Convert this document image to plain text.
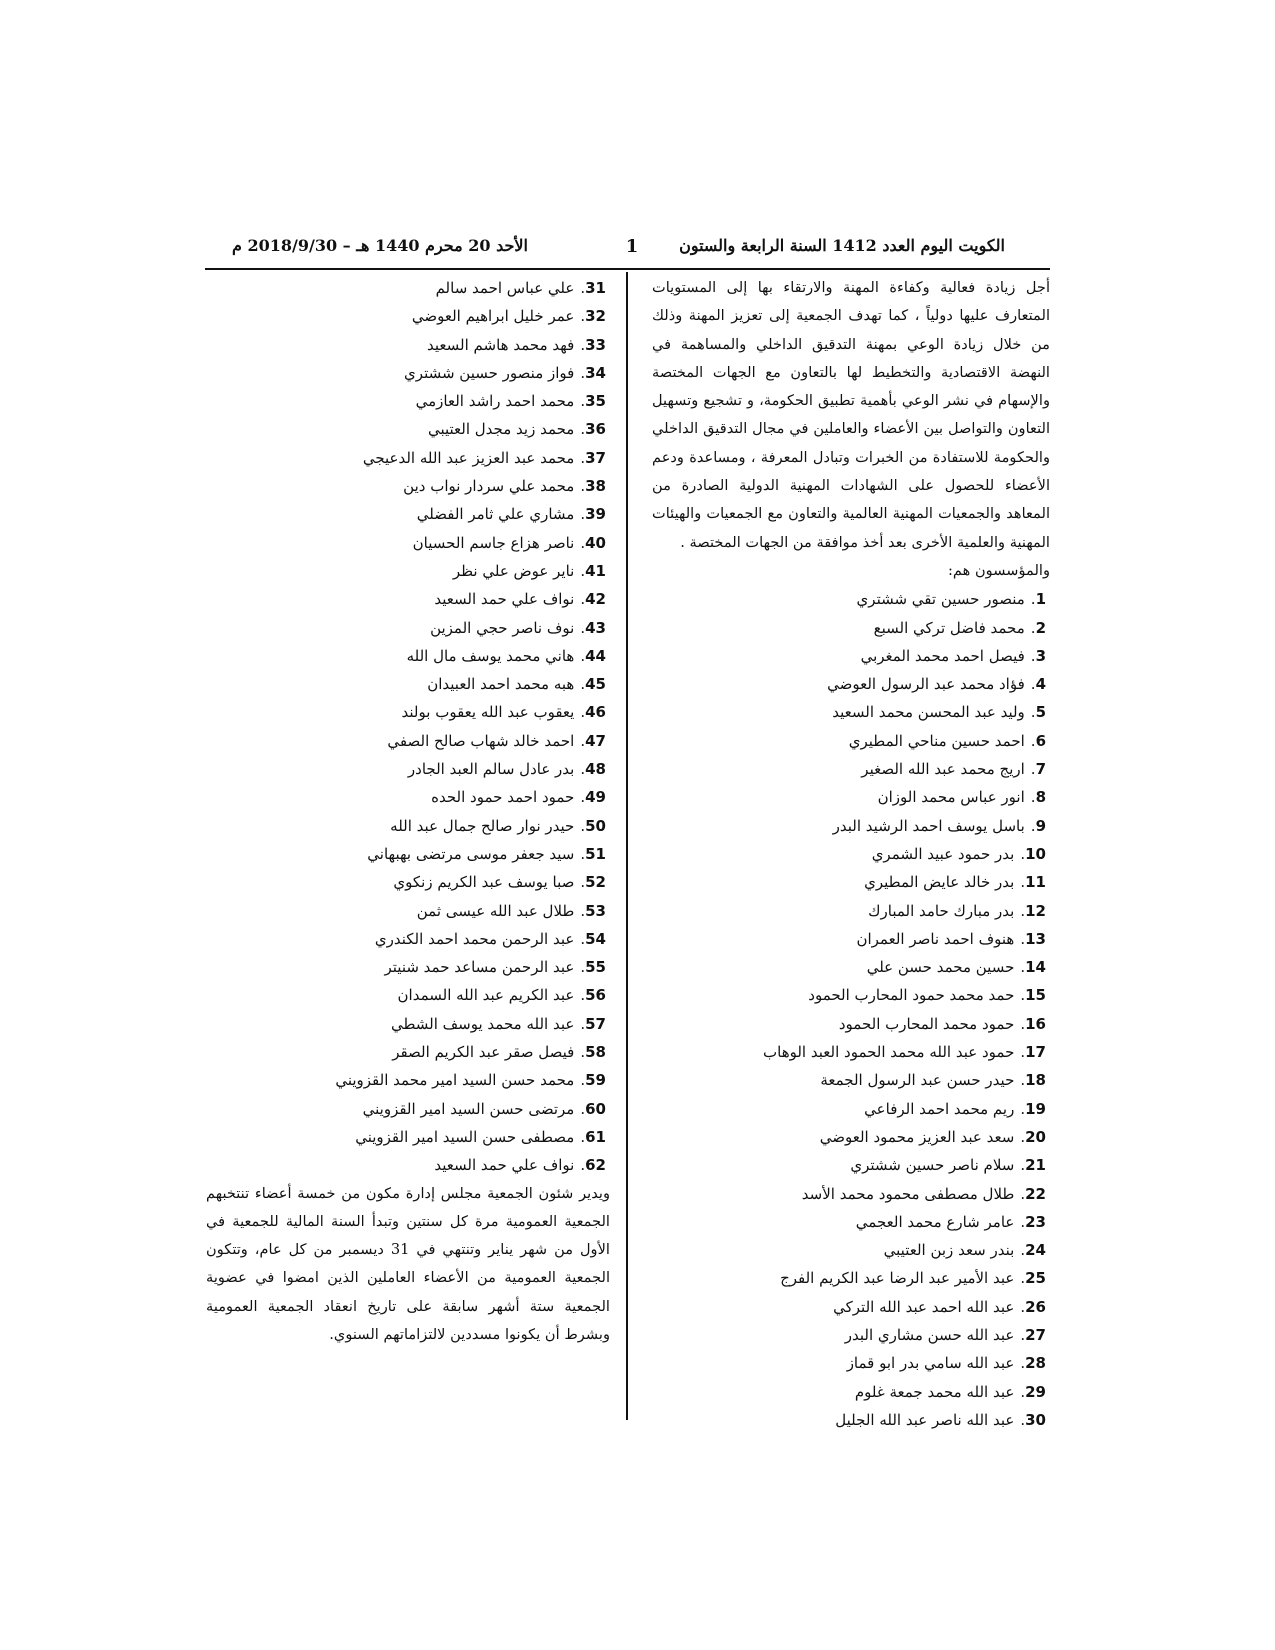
الكويت اليوم العدد 1412 السنة الرابعة والستون
1
الأحد 20 محرم 1440 هـ – 2018/9/30 م
أجل زيادة فعالية وكفاءة المهنة والارتقاء بها إلى المستويات المتعارف عليها دولياً ، كما تهدف الجمعية إلى تعزيز المهنة وذلك من خلال زيادة الوعي بمهنة التدقيق الداخلي والمساهمة في النهضة الاقتصادية والتخطيط لها بالتعاون مع الجهات المختصة والإسهام في نشر الوعي بأهمية تطبيق الحكومة، و تشجيع وتسهيل التعاون والتواصل بين الأعضاء والعاملين في مجال التدقيق الداخلي والحكومة للاستفادة من الخبرات وتبادل المعرفة ، ومساعدة ودعم الأعضاء للحصول على الشهادات المهنية الدولية الصادرة من المعاهد والجمعيات المهنية العالمية والتعاون مع الجمعيات والهيئات المهنية والعلمية الأخرى بعد أخذ موافقة من الجهات المختصة .
والمؤسسون هم:
1.منصور حسين تقي ششتري
2.محمد فاضل تركي السبع
3.فيصل احمد محمد المغربي
4.فؤاد محمد عبد الرسول العوضي
5.وليد عبد المحسن محمد السعيد
6.احمد حسين مناحي المطيري
7.اريج محمد عبد الله الصغير
8.انور عباس محمد الوزان
9.باسل يوسف احمد الرشيد البدر
10.بدر حمود عبيد الشمري
11.بدر خالد عايض المطيري
12.بدر مبارك حامد المبارك
13.هنوف احمد ناصر العمران
14.حسين محمد حسن علي
15.حمد محمد حمود المحارب الحمود
16.حمود محمد المحارب الحمود
17.حمود عبد الله محمد الحمود العبد الوهاب
18.حيدر حسن عبد الرسول الجمعة
19.ريم محمد احمد الرفاعي
20.سعد عبد العزيز محمود العوضي
21.سلام ناصر حسين ششتري
22.طلال مصطفى محمود محمد الأسد
23.عامر شارع محمد العجمي
24.بندر سعد زبن العتيبي
25.عبد الأمير عبد الرضا عبد الكريم الفرج
26.عبد الله احمد عبد الله التركي
27.عبد الله حسن مشاري البدر
28.عبد الله سامي بدر ابو قماز
29.عبد الله محمد جمعة غلوم
30.عبد الله ناصر عبد الله الجليل
31.علي عباس احمد سالم
32.عمر خليل ابراهيم العوضي
33.فهد محمد هاشم السعيد
34.فواز منصور حسين ششتري
35.محمد احمد راشد العازمي
36.محمد زيد مجدل العتيبي
37.محمد عبد العزيز عبد الله الدعيجي
38.محمد علي سردار نواب دين
39.مشاري علي ثامر الفضلي
40.ناصر هزاع جاسم الحسيان
41.ناير عوض علي نظر
42.نواف علي حمد السعيد
43.نوف ناصر حجي المزين
44.هاني محمد يوسف مال الله
45.هبه محمد احمد العبيدان
46.يعقوب عبد الله يعقوب بولند
47.احمد خالد شهاب صالح الصفي
48.بدر عادل سالم العبد الجادر
49.حمود احمد حمود الحده
50.حيدر نوار صالح جمال عبد الله
51.سيد جعفر موسى مرتضى بهبهاني
52.صبا يوسف عبد الكريم زنكوي
53.طلال عبد الله عيسى ثمن
54.عبد الرحمن محمد احمد الكندري
55.عبد الرحمن مساعد حمد شنيتر
56.عبد الكريم عبد الله السمدان
57.عبد الله محمد يوسف الشطي
58.فيصل صقر عبد الكريم الصقر
59.محمد حسن السيد امير محمد القزويني
60.مرتضى حسن السيد امير القزويني
61.مصطفى حسن السيد امير القزويني
62.نواف علي حمد السعيد
ويدير شئون الجمعية مجلس إدارة مكون من خمسة أعضاء تنتخبهم الجمعية العمومية مرة كل سنتين وتبدأ السنة المالية للجمعية في الأول من شهر يناير وتنتهي في 31 ديسمبر من كل عام، وتتكون الجمعية العمومية من الأعضاء العاملين الذين امضوا في عضوية الجمعية ستة أشهر سابقة على تاريخ انعقاد الجمعية العمومية وبشرط أن يكونوا مسددين لالتزاماتهم السنوي.
